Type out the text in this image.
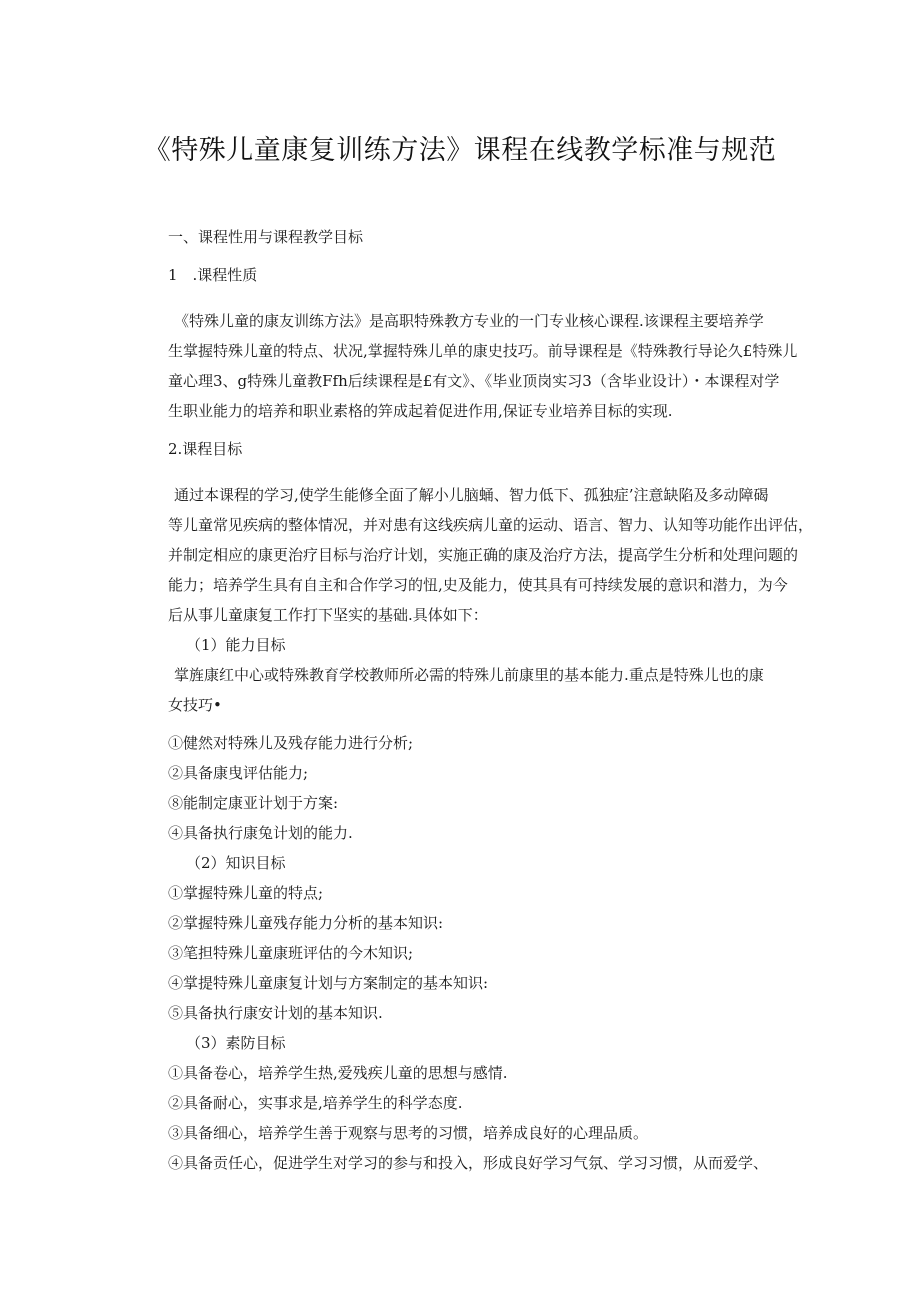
《特殊儿童康复训练方法》课程在线教学标准与规范

一、课程性用与课程教学目标

1　.课程性质

《特殊儿童的康友训练方法》是高职特殊教方专业的一门专业核心课程.该课程主要培养学

生掌握特殊儿童的特点、状况,掌握特殊儿单的康史技巧。前导课程是《特殊教行导论久£特殊儿

童心理3、g特殊儿童教Ffh后续课程是£有文》、《毕业顶岗实习3（含毕业设计）・本课程对学

生职业能力的培养和职业素格的笄成起着促进作用,保证专业培养目标的实现.

2.课程目标

通过本课程的学习,使学生能修全面了解小儿脑蛹、智力低下、孤独症’注意缺陷及多动障碣

等儿童常见疾病的整体情况，并对患有这线疾病儿童的运动、语言、智力、认知等功能作出评估，

并制定相应的康更治疗目标与治疗计划，实施正确的康及治疗方法，提高学生分析和处理问题的

能力；培养学生具有自主和合作学习的忸,史及能力，使其具有可持续发展的意识和潜力，为今

后从事儿童康复工作打下坚实的基础.具体如下：

（1）能力目标

掌旌康红中心或特殊教育学校教师所必需的特殊儿前康里的基本能力.重点是特殊儿也的康

女技巧•

①健然对特殊儿及残存能力进行分析;

②具备康曳评估能力;

⑧能制定康亚计划于方案:

④具备执行康兔计划的能力.

（2）知识目标

①掌握特殊儿童的特点;

②掌握特殊儿童残存能力分析的基本知识:

③笔担特殊儿童康班评估的今木知识;

④掌提特殊儿童康复计划与方案制定的基本知识:

⑤具备执行康安计划的基本知识.

（3）素防目标

①具备卷心，培养学生热,爱残疾儿童的思想与感情.

②具备耐心，实事求是,培养学生的科学态度.

③具备细心，培养学生善于观察与思考的习惯，培养成良好的心理品质。

④具备贡任心，促进学生对学习的参与和投入，形成良好学习气氛、学习习惯，从而爱学、
